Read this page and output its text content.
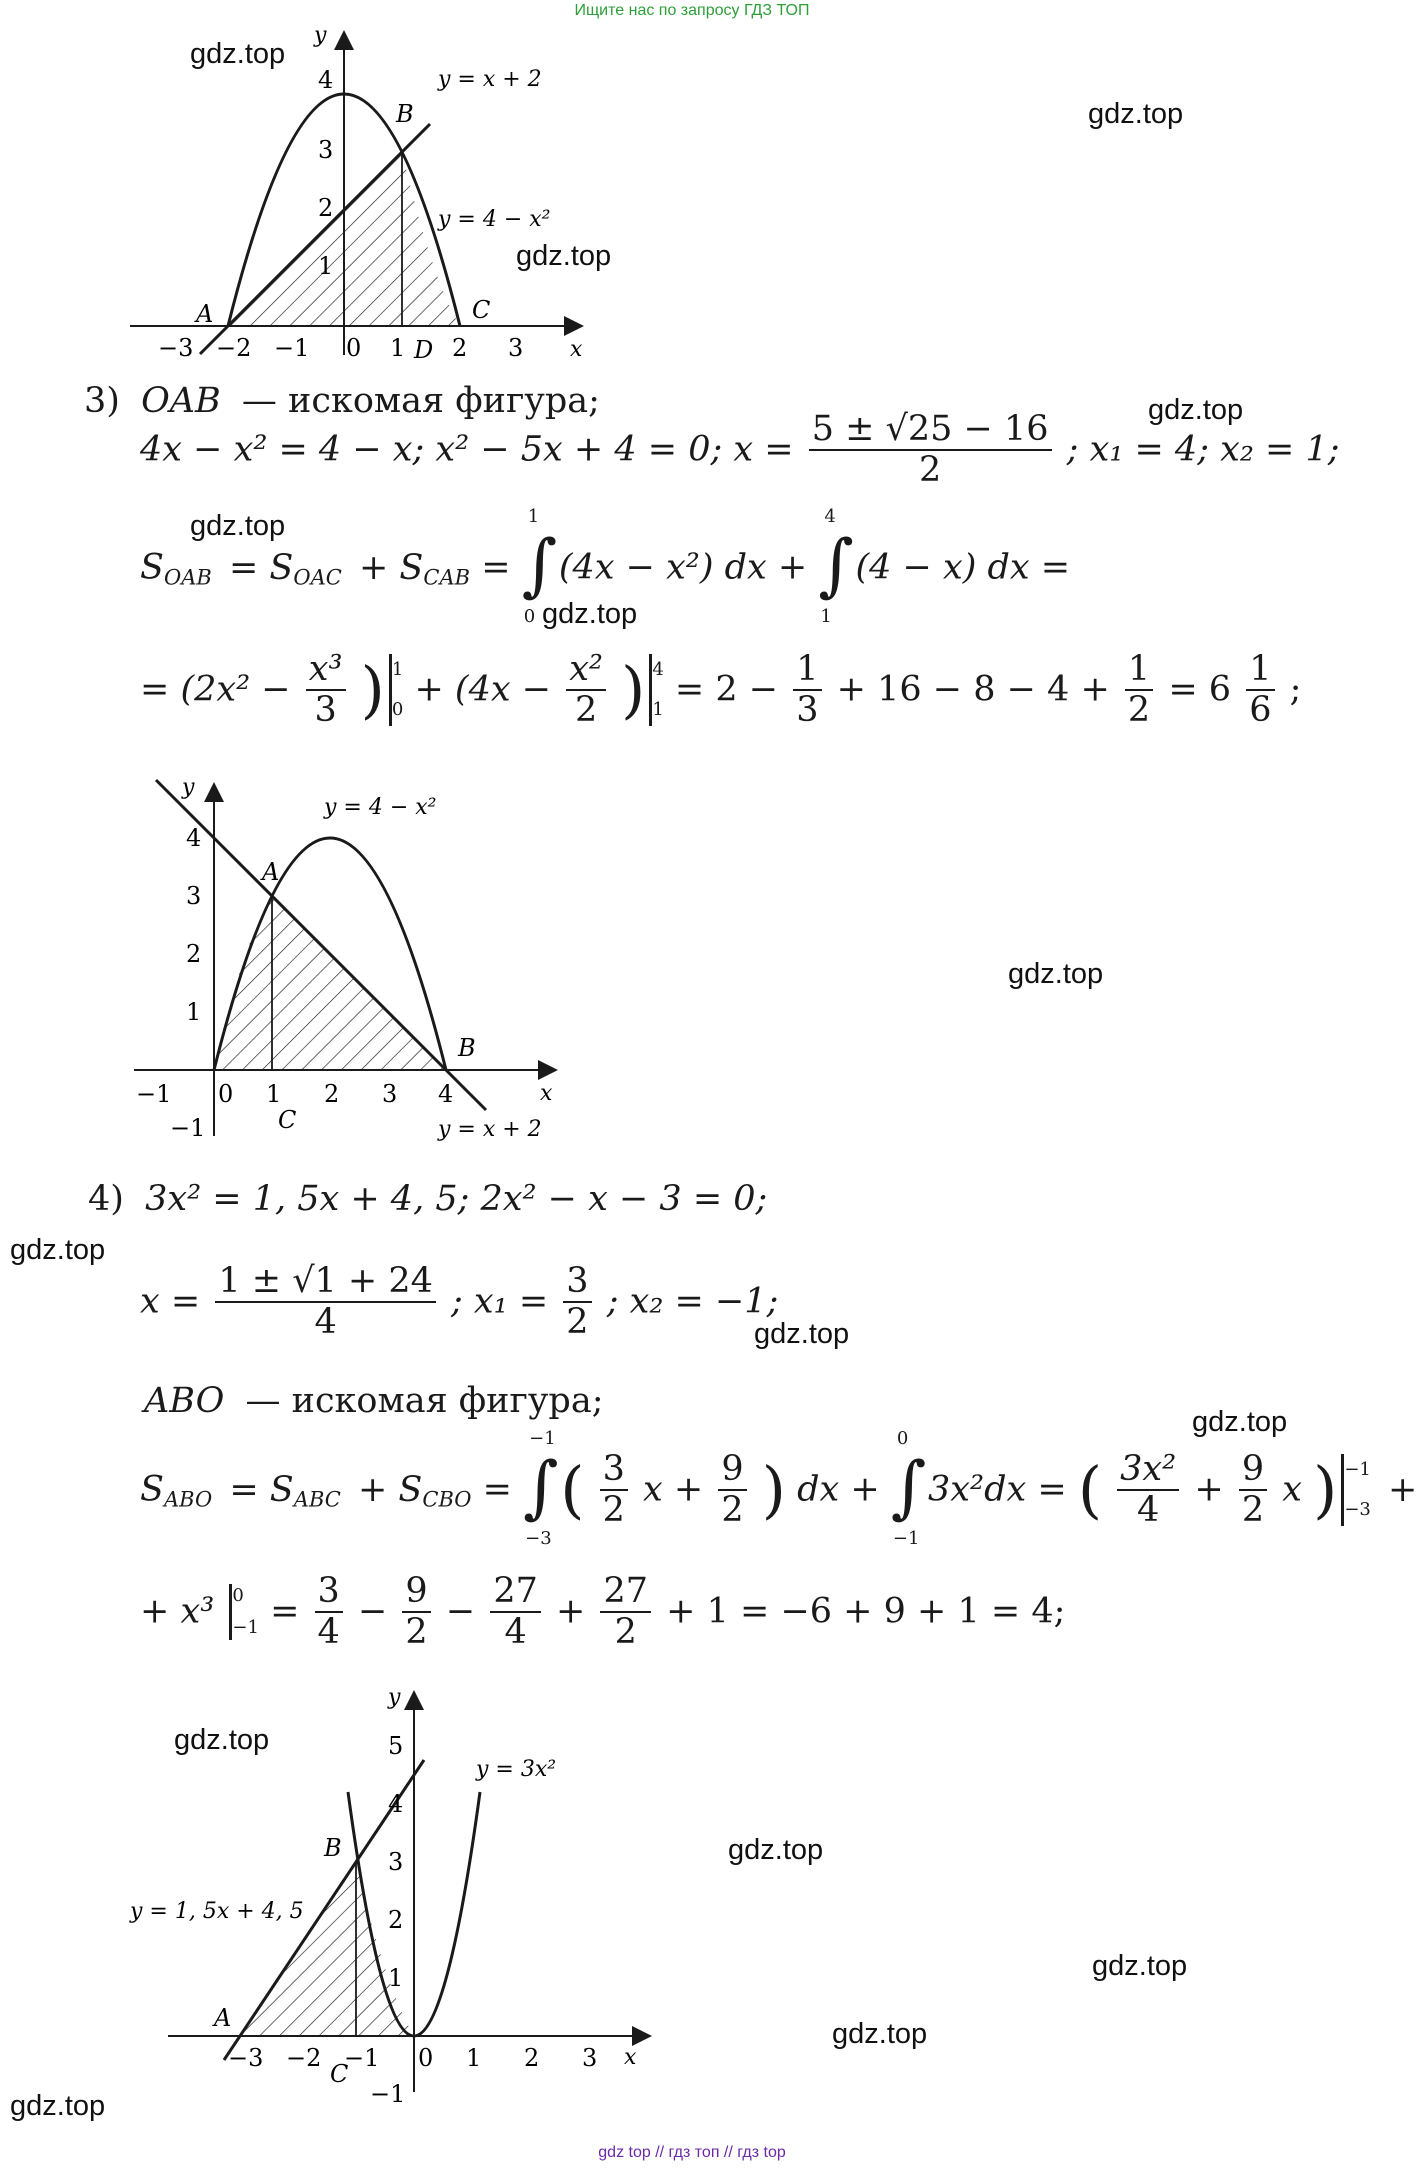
Ищите нас по запросу ГДЗ ТОП
gdz top // гдз топ // гдз top
gdz.top
gdz.top
gdz.top
gdz.top
gdz.top
gdz.top
gdz.top
gdz.top
gdz.top
gdz.top
gdz.top
gdz.top
gdz.top
gdz.top
gdz.top
−3 −2 −1 0 1 2 3
1
2
3
4
y
x
A
B
C
D
y = x + 2
y = 4 − x²
3) OAB — искомая фигура;
4x − x² = 4 − x; x² − 5x + 4 = 0; $x = \frac{5 \pm √25 - 16}{2}$ ; x₁ = 4; x₂ = 1;
$S_{OAB} = S_{OAC} + S_{CAB}$ = ∫
1
0
(4x − x²) dx + ∫
4
1
(4 − x) dx =
= ($2x^2 - \frac{\text{x³}}{3}$ ) 1
$0 + (4x - \frac{\text{x²}}{2}$ ) 4
$1 = 2 - \frac{1}{3} + 16 - 8 - 4 + \frac{1}{2} = 6 \frac{1}{6}$ ;
−1 0 1 2 3 4
−1
1
2
3
4
y
x
A
B
C
y = 4 − x²
y = x + 2
4) 3x² = 1, 5x + 4, 5; 2x² − x − 3 = 0;
$x = \frac{1 \pm √1 + 24}{4}$ ; $x_1 = \frac{3}{2}$ ; x₂ = −1;
ABO — искомая фигура;
$S_{ABO} = S_{ABC} + S_{CBO}$ = ∫
−1
−3
( $\frac{3}{2}$ $x + \frac{9}{2}$ ) dx + ∫
0
−1
3x²dx = ( $\frac{\text{3x²}}{4} + \frac{9}{2}$ x ) −1
−3 +
+ x³ 0
$-1 = \frac{3}{4} - \frac{9}{2} - \frac{27}{4} + \frac{27}{2} + 1 = -6 + 9 + 1 = 4$;
−3 −2 −1 0 1 2 3
−1
1
2
3
4
5
y
x
A
B
C
y = 3x²
y = 1, 5x + 4, 5
